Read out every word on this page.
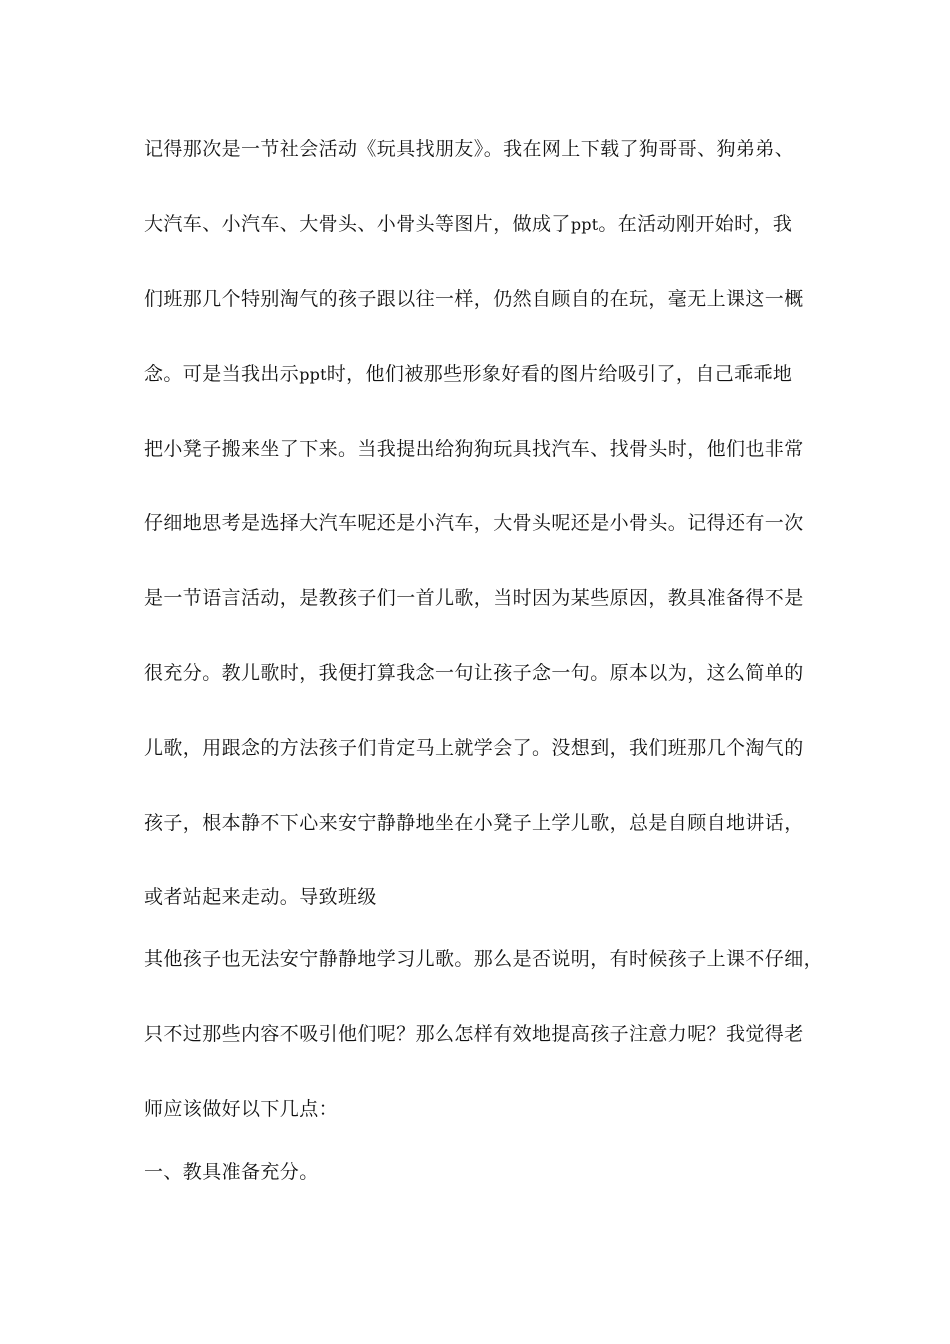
记得那次是一节社会活动《玩具找朋友》。我在网上下载了狗哥哥、狗弟弟、
大汽车、小汽车、大骨头、小骨头等图片，做成了ppt。在活动刚开始时，我
们班那几个特别淘气的孩子跟以往一样，仍然自顾自的在玩，毫无上课这一概
念。可是当我出示ppt时，他们被那些形象好看的图片给吸引了，自己乖乖地
把小凳子搬来坐了下来。当我提出给狗狗玩具找汽车、找骨头时，他们也非常
仔细地思考是选择大汽车呢还是小汽车，大骨头呢还是小骨头。记得还有一次
是一节语言活动，是教孩子们一首儿歌，当时因为某些原因，教具准备得不是
很充分。教儿歌时，我便打算我念一句让孩子念一句。原本以为，这么简单的
儿歌，用跟念的方法孩子们肯定马上就学会了。没想到，我们班那几个淘气的
孩子，根本静不下心来安宁静静地坐在小凳子上学儿歌，总是自顾自地讲话，
或者站起来走动。导致班级
其他孩子也无法安宁静静地学习儿歌。那么是否说明，有时候孩子上课不仔细，
只不过那些内容不吸引他们呢？那么怎样有效地提高孩子注意力呢？我觉得老
师应该做好以下几点：
一、教具准备充分。
